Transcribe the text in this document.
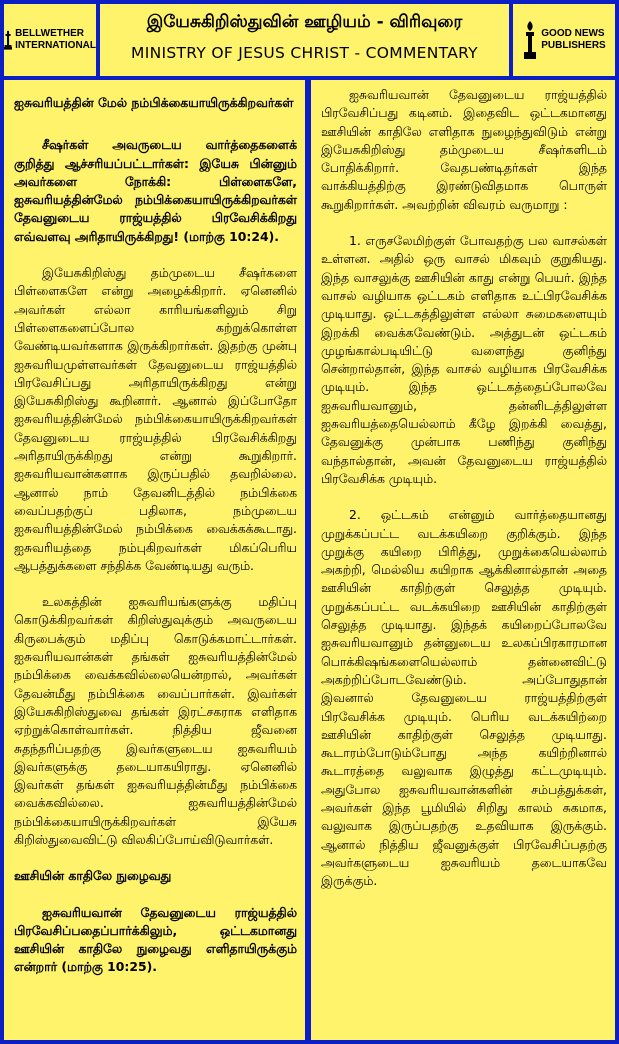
BELLWETHER
INTERNATIONAL
இயேசுகிறிஸ்துவின் ஊழியம் - விரிவுரை
MINISTRY OF JESUS CHRIST - COMMENTARY
GOOD NEWS
PUBLISHERS
ஐசுவரியத்தின் மேல் நம்பிக்கையாயிருக்கிறவர்கள்

சீஷர்கள் அவருடைய வார்த்தைகளைக் குறித்து ஆச்சரியப்பட்டார்கள்: இயேசு பின்னும் அவர்களை நோக்கி: பிள்ளைகளே, ஐசுவரியத்தின்மேல் நம்பிக்கையாயிருக்கிறவர்கள் தேவனுடைய ராஜ்யத்தில் பிரவேசிக்கிறது எவ்வளவு அரிதாயிருக்கிறது! (மாற்கு 10:24).

இயேசுகிறிஸ்து தம்முடைய சீஷர்களை பிள்ளைகளே என்று அழைக்கிறார். ஏனெனில் அவர்கள் எல்லா காரியங்களிலும் சிறு பிள்ளைகளைப்போல கற்றுக்கொள்ள வேண்டியவர்களாக இருக்கிறார்கள். இதற்கு முன்பு ஐசுவரியமுள்ளவர்கள் தேவனுடைய ராஜ்யத்தில் பிரவேசிப்பது அரிதாயிருக்கிறது என்று இயேசுகிறிஸ்து கூறினார். ஆனால் இப்போதோ ஐசுவரியத்தின்மேல் நம்பிக்கையாயிருக்கிறவர்கள் தேவனுடைய ராஜ்யத்தில் பிரவேசிக்கிறது அரிதாயிருக்கிறது என்று கூறுகிறார். ஐசுவரியவான்களாக இருப்பதில் தவறில்லை. ஆனால் நாம் தேவனிடத்தில் நம்பிக்கை வைப்பதற்குப் பதிலாக, நம்முடைய ஐசுவரியத்தின்மேல் நம்பிக்கை வைக்கக்கூடாது. ஐசுவரியத்தை நம்புகிறவர்கள் மிகப்பெரிய ஆபத்துக்களை சந்திக்க வேண்டியது வரும்.

உலகத்தின் ஐசுவரியங்களுக்கு மதிப்பு கொடுக்கிறவர்கள் கிறிஸ்துவுக்கும் அவருடைய கிருபைக்கும் மதிப்பு கொடுக்கமாட்டார்கள். ஐசுவரியவான்கள் தங்கள் ஐசுவரியத்தின்மேல் நம்பிக்கை வைக்கவில்லையென்றால், அவர்கள் தேவன்மீது நம்பிக்கை வைப்பார்கள். இவர்கள் இயேசுகிறிஸ்துவை தங்கள் இரட்சகராக எளிதாக ஏற்றுக்கொள்வார்கள். நித்திய ஜீவனை சுதந்தரிப்பதற்கு இவர்களுடைய ஐசுவரியம் இவர்களுக்கு தடையாகயிராது. ஏனெனில் இவர்கள் தங்கள் ஐசுவரியத்தின்மீது நம்பிக்கை வைக்கவில்லை. ஐசுவரியத்தின்மேல் நம்பிக்கையாயிருக்கிறவர்கள் இயேசு கிறிஸ்துவைவிட்டு விலகிப்போய்விடுவார்கள்.

ஊசியின் காதிலே நுழைவது

ஐசுவரியவான் தேவனுடைய ராஜ்யத்தில் பிரவேசிப்பதைப்பார்க்கிலும், ஒட்டகமானது ஊசியின் காதிலே நுழைவது எளிதாயிருக்கும் என்றார் (மாற்கு 10:25).

ஐசுவரியவான் தேவனுடைய ராஜ்யத்தில் பிரவேசிப்பது கடினம். இதைவிட ஒட்டகமானது ஊசியின் காதிலே எளிதாக நுழைந்துவிடும் என்று இயேசுகிறிஸ்து தம்முடைய சீஷர்களிடம் போதிக்கிறார். வேதபண்டிதர்கள் இந்த வாக்கியத்திற்கு இரண்டுவிதமாக பொருள் கூறுகிறார்கள். அவற்றின் விவரம் வருமாறு :

1. எருசலேமிற்குள் போவதற்கு பல வாசல்கள் உள்ளன. அதில் ஒரு வாசல் மிகவும் குறுகியது. இந்த வாசலுக்கு ஊசியின் காது என்று பெயர். இந்த வாசல் வழியாக ஒட்டகம் எளிதாக உட்பிரவேசிக்க முடியாது. ஒட்டகத்திலுள்ள எல்லா சுமைகளையும் இறக்கி வைக்கவேண்டும். அத்துடன் ஒட்டகம் முழங்கால்படியிட்டு வளைந்து குனிந்து சென்றால்தான், இந்த வாசல் வழியாக பிரவேசிக்க முடியும். இந்த ஒட்டகத்தைப்போலவே ஐசுவரியவானும், தன்னிடத்திலுள்ள ஐசுவரியத்தையெல்லாம் கீழே இறக்கி வைத்து, தேவனுக்கு முன்பாக பணிந்து குனிந்து வந்தால்தான், அவன் தேவனுடைய ராஜ்யத்தில் பிரவேசிக்க முடியும்.

2. ஒட்டகம் என்னும் வார்த்தையானது முறுக்கப்பட்ட வடக்கயிறை குறிக்கும். இந்த முறுக்கு கயிறை பிரித்து, முறுக்கையெல்லாம் அகற்றி, மெல்லிய கயிறாக ஆக்கினால்தான் அதை ஊசியின் காதிற்குள் செலுத்த முடியும். முறுக்கப்பட்ட வடக்கயிறை ஊசியின் காதிற்குள் செலுத்த முடியாது. இந்தக் கயிறைப்போலவே ஐசுவரியவானும் தன்னுடைய உலகப்பிரகாரமான பொக்கிஷங்களையெல்லாம் தன்னைவிட்டு அகற்றிப்போடவேண்டும். அப்போதுதான் இவனால் தேவனுடைய ராஜ்யத்திற்குள் பிரவேசிக்க முடியும். பெரிய வடக்கயிற்றை ஊசியின் காதிற்குள் செலுத்த முடியாது. கூடாரம்போடும்போது அந்த கயிற்றினால் கூடாரத்தை வலுவாக இழுத்து கட்டமுடியும். அதுபோல ஐசுவரியவான்களின் சம்பத்துக்கள், அவர்கள் இந்த பூமியில் சிறிது காலம் சுகமாக, வலுவாக இருப்பதற்கு உதவியாக இருக்கும். ஆனால் நித்திய ஜீவனுக்குள் பிரவேசிப்பதற்கு அவர்களுடைய ஐசுவரியம் தடையாகவே இருக்கும்.
